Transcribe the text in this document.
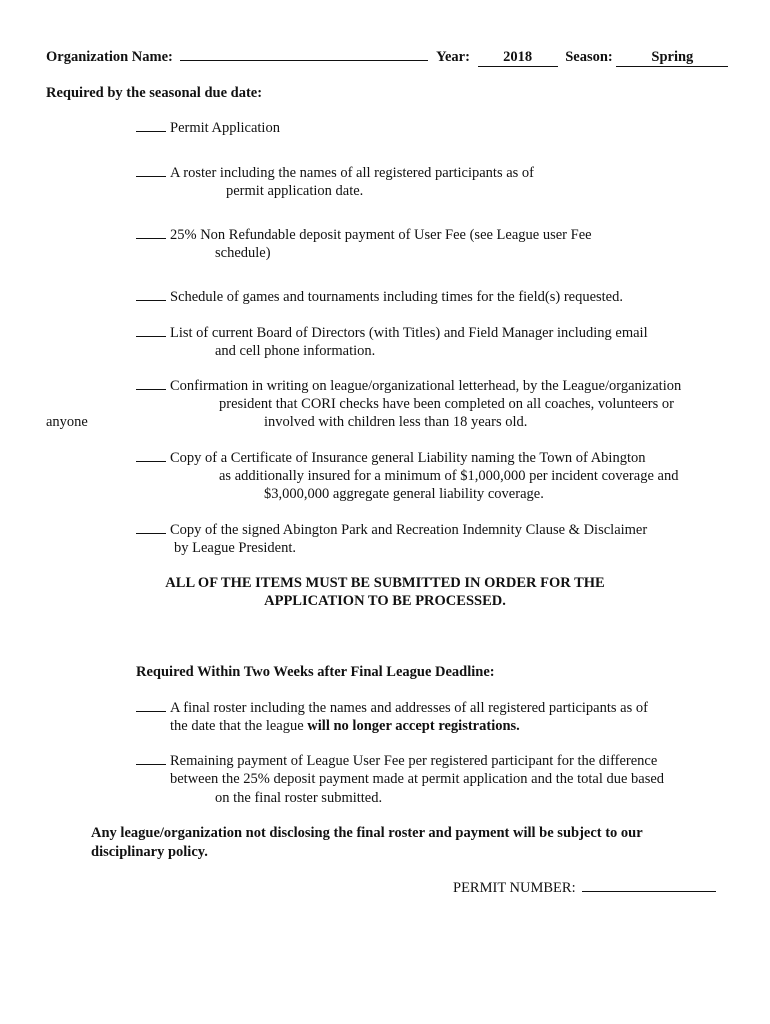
Organization Name:	Year: 2018 Season:	Spring
Required by the seasonal due date:
Permit Application
A roster including the names of all registered participants as of
permit application date.
25% Non Refundable deposit payment of User Fee (see League user Fee
schedule)
Schedule of games and tournaments including times for the field(s) requested.
List of current Board of Directors (with Titles) and Field Manager including email
and cell phone information.
Confirmation in writing on league/organizational letterhead, by the League/organization
president that CORI checks have been completed on all coaches, volunteers or
anyone	involved with children less than 18 years old.
Copy of a Certificate of Insurance general Liability naming the Town of Abington
as additionally insured for a minimum of $1,000,000 per incident coverage and
$3,000,000 aggregate general liability coverage.
Copy of the signed Abington Park and Recreation Indemnity Clause & Disclaimer
by League President.
ALL OF THE ITEMS MUST BE SUBMITTED IN ORDER FOR THE
APPLICATION TO BE PROCESSED.
Required Within Two Weeks after Final League Deadline:
A final roster including the names and addresses of all registered participants as of
the date that the league will no longer accept registrations.
Remaining payment of League User Fee per registered participant for the difference
between the 25% deposit payment made at permit application and the total due based
on the final roster submitted.
Any league/organization not disclosing the final roster and payment will be subject to our
disciplinary policy.
PERMIT NUMBER:
